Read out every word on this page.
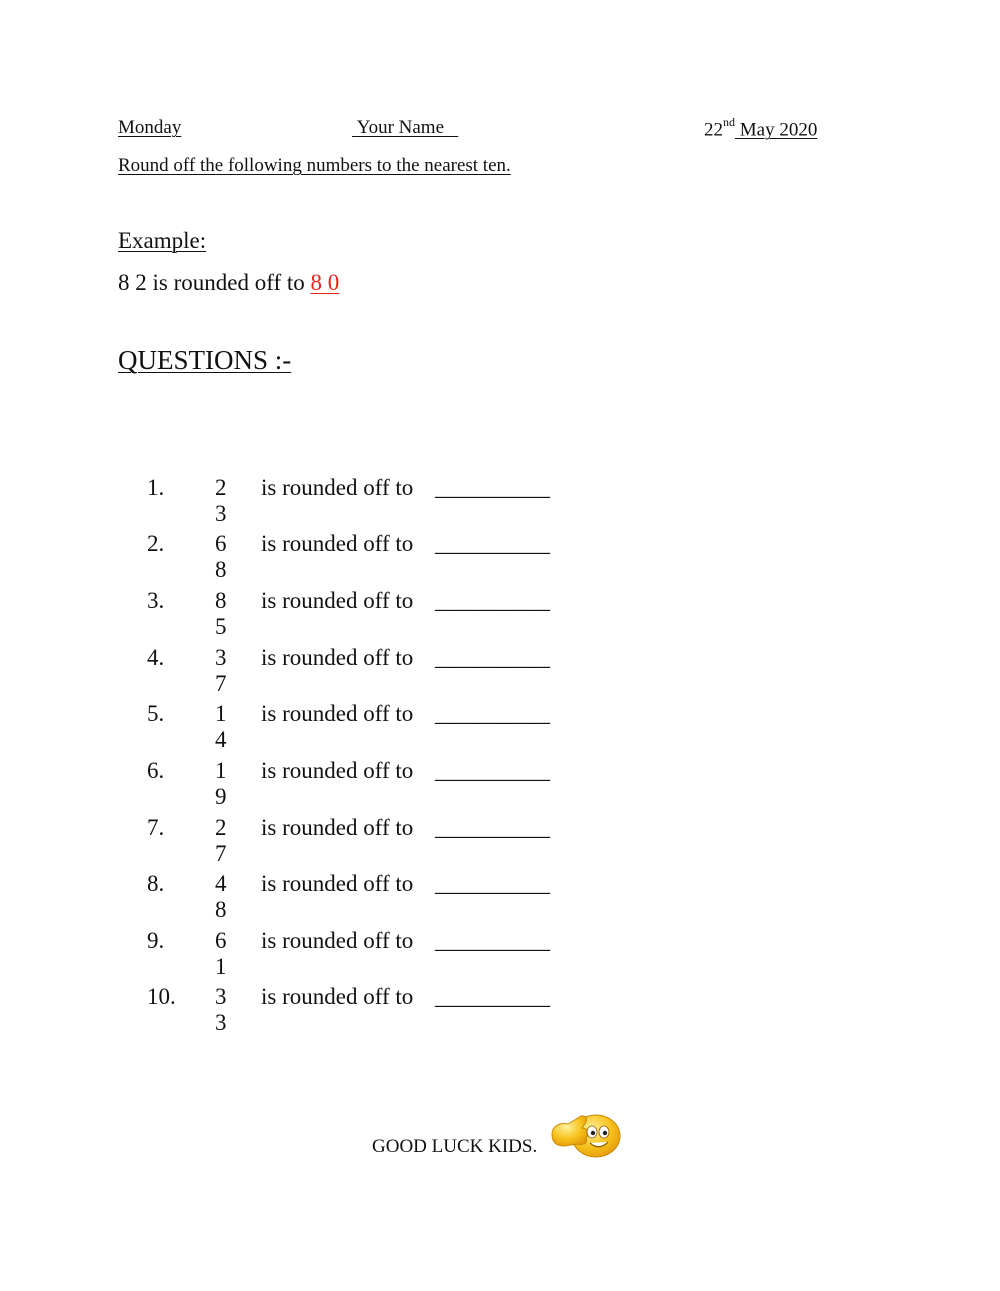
Monday	Your Name	22nd May 2020
Round off the following numbers to the nearest ten.
Example:
8 2 is rounded off to 8 0
QUESTIONS :-
1. 2 3
is rounded off to __________
2. 6 8
is rounded off to __________
3. 8 5
is rounded off to __________
4. 3 7
is rounded off to __________
5. 1 4
is rounded off to __________
6. 1 9
is rounded off to __________
7. 2 7
is rounded off to __________
8. 4 8
is rounded off to __________
9. 6 1
is rounded off to __________
10. 3 3
is rounded off to __________
GOOD LUCK KIDS.
